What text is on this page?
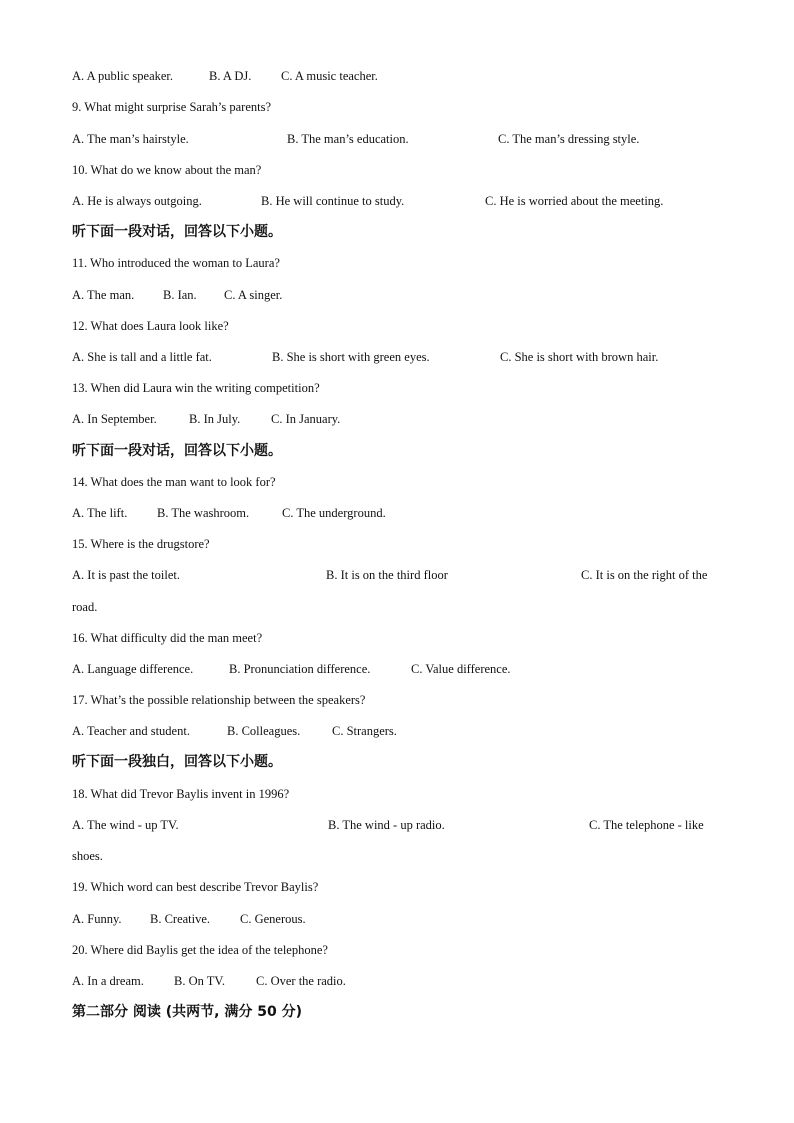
A. A public speaker.	B. A DJ. C. A music teacher.
9. What might surprise Sarah’s parents?
A. The man’s hairstyle.	B. The man’s education.	C. The man’s dressing style.
10. What do we know about the man?
A. He is always outgoing.	B. He will continue to study.	C. He is worried about the meeting.
听下面一段对话，回答以下小题。
11. Who introduced the woman to Laura?
A. The man. B. Ian. C. A singer.
12. What does Laura look like?
A. She is tall and a little fat.	B. She is short with green eyes.	C. She is short with brown hair.
13. When did Laura win the writing competition?
A. In September.	B. In July. C. In January.
听下面一段对话，回答以下小题。
14. What does the man want to look for?
A. The lift. B. The washroom.	C. The underground.
15. Where is the drugstore?
A. It is past the toilet.	B. It is on the third floor	C. It is on the right of the
road.
16. What difficulty did the man meet?
A. Language difference.	B. Pronunciation difference.	C. Value difference.
17. What’s the possible relationship between the speakers?
A. Teacher and student.	B. Colleagues.	C. Strangers.
听下面一段独白，回答以下小题。
18. What did Trevor Baylis invent in 1996?
A. The wind - up TV.	B. The wind - up radio.	C. The telephone - like
shoes.
19. Which word can best describe Trevor Baylis?
A. Funny. B. Creative. C. Generous.
20. Where did Baylis get the idea of the telephone?
A. In a dream. B. On TV. C. Over the radio.
第二部分 阅读 (共两节, 满分 50 分)
